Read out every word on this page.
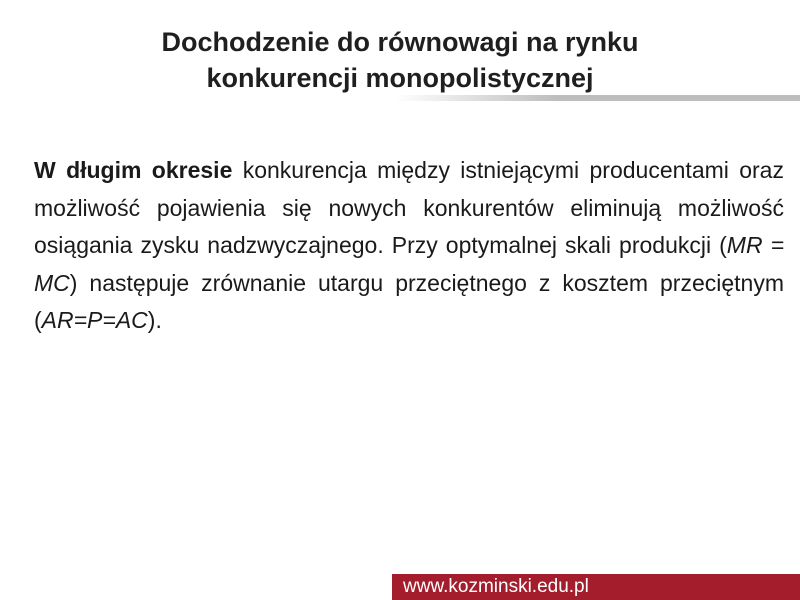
Dochodzenie do równowagi na rynku
konkurencji monopolistycznej

W długim okresie konkurencja między istniejącymi producentami oraz możliwość pojawienia się nowych konkurentów eliminują możliwość osiągania zysku nadzwyczajnego. Przy optymalnej skali produkcji (MR = MC) następuje zrównanie utargu przeciętnego z kosztem przeciętnym (AR=P=AC).

www.kozminski.edu.pl
